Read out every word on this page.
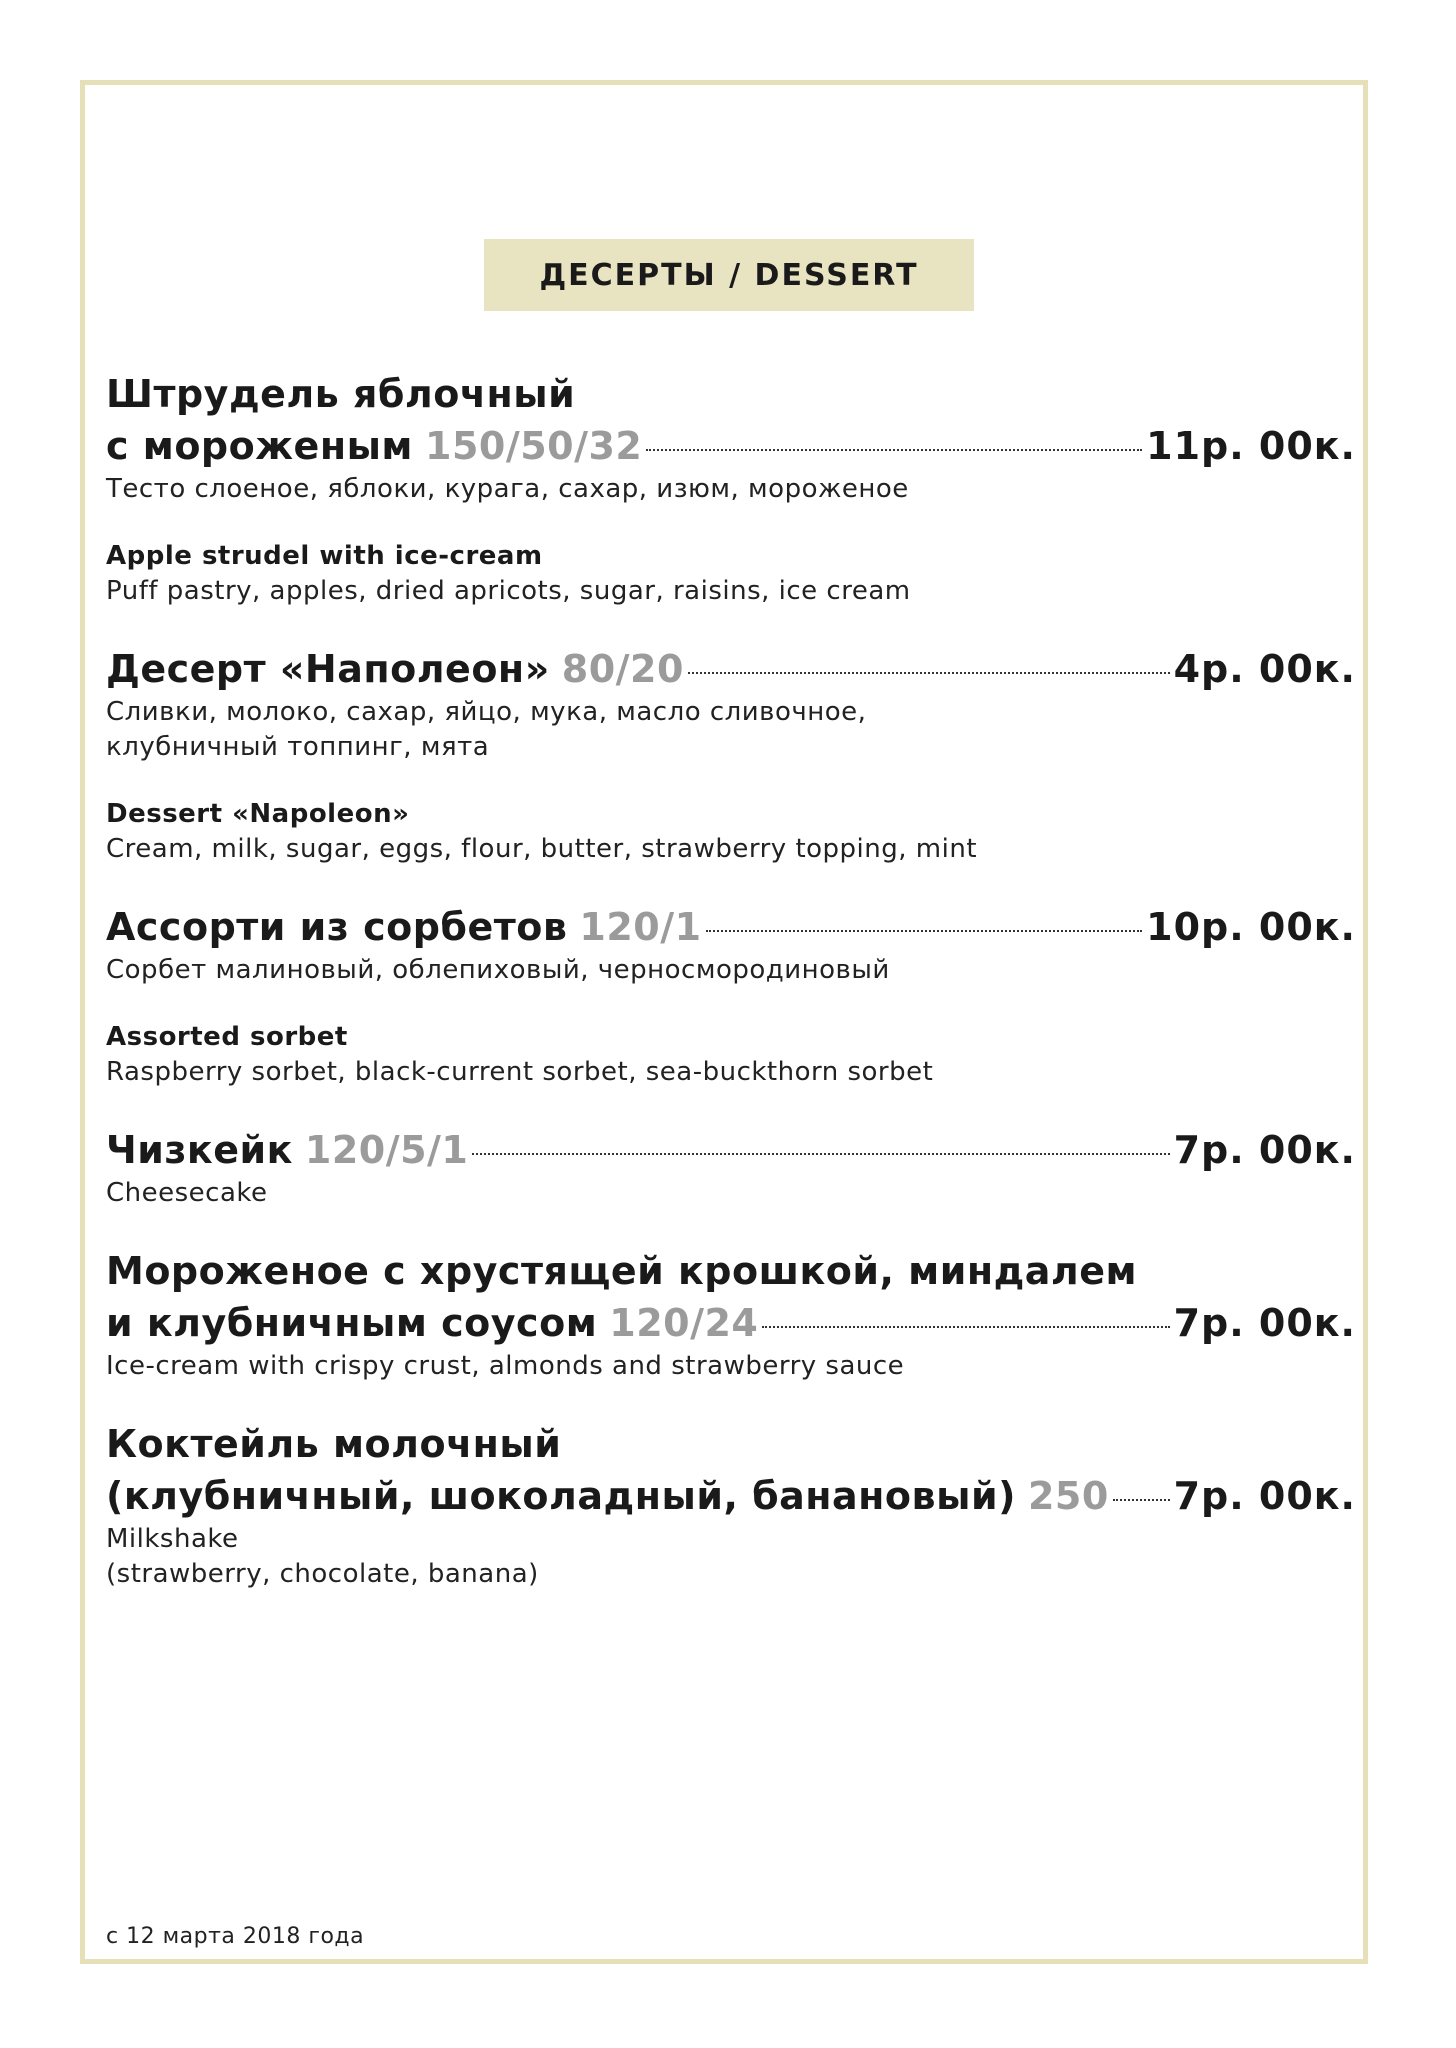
ДЕСЕРТЫ / DESSERT
Штрудель яблочный
с мороженым 150/50/32	11р. 00к.
Тесто слоеное, яблоки, курага, сахар, изюм, мороженое
Apple strudel with ice-cream
Puff pastry, apples, dried apricots, sugar, raisins, ice cream
Десерт «Наполеон» 80/20	4р. 00к.
Сливки, молоко, сахар, яйцо, мука, масло сливочное,
клубничный топпинг, мята
Dessert «Napoleon»
Cream, milk, sugar, eggs, flour, butter, strawberry topping, mint
Ассорти из сорбетов 120/1	10р. 00к.
Сорбет малиновый, облепиховый, черносмородиновый
Assorted sorbet
Raspberry sorbet, black-current sorbet, sea-buckthorn sorbet
Чизкейк 120/5/1	7р. 00к.
Cheesecake
Мороженое с хрустящей крошкой, миндалем
и клубничным соусом 120/24	7р. 00к.
Ice-cream with crispy crust, almonds and strawberry sauce
Коктейль молочный
(клубничный, шоколадный, банановый) 250 7р. 00к.
Milkshake
(strawberry, chocolate, banana)
с 12 марта 2018 года
